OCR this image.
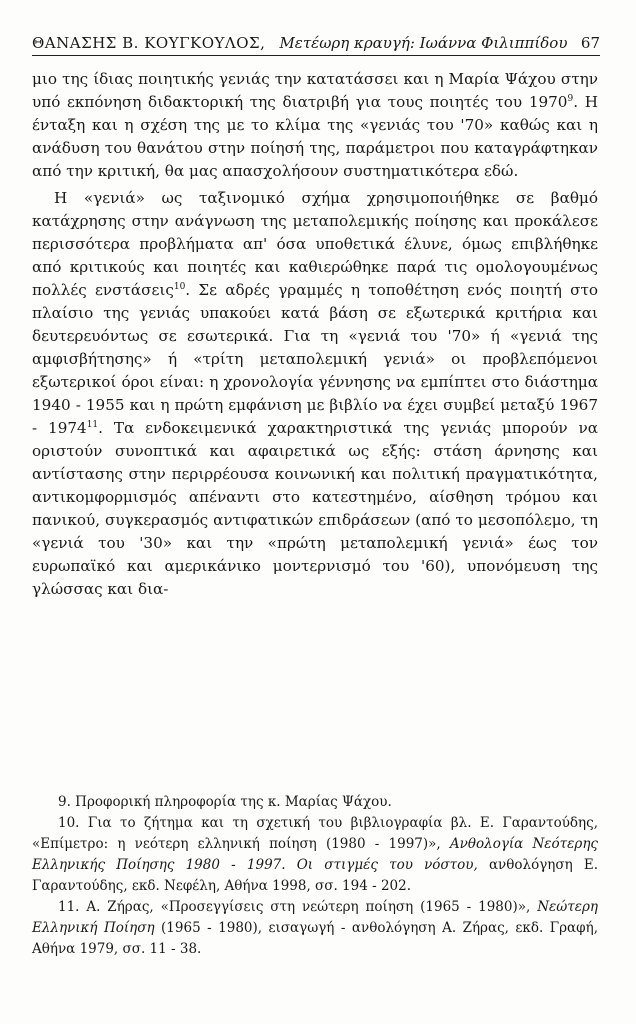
ΘΑΝΑΣΗΣ Β. ΚΟΥΓΚΟΥΛΟΣ, Μετέωρη κραυγή: Ιωάννα Φιλιππίδου 67

μιο της ίδιας ποιητικής γενιάς την κατατάσσει και η Μαρία Ψάχου στην υπό εκπόνηση διδακτορική της διατριβή για τους ποιητές του 1970$^9$. Η ένταξη και η σχέση της με το κλίμα της «γενιάς του '70» καθώς και η ανάδυση του θανάτου στην ποίησή της, παράμετροι που καταγράφτηκαν από την κριτική, θα μας απασχολήσουν συστηματικότερα εδώ.

Η «γενιά» ως ταξινομικό σχήμα χρησιμοποιήθηκε σε βαθμό κατάχρησης στην ανάγνωση της μεταπολεμικής ποίησης και προκάλεσε περισσότερα προβλήματα απ' όσα υποθετικά έλυνε, όμως επιβλήθηκε από κριτικούς και ποιητές και καθιερώθηκε παρά τις ομολογουμένως πολλές ενστάσεις$^{10}$. Σε αδρές γραμμές η τοποθέτηση ενός ποιητή στο πλαίσιο της γενιάς υπακούει κατά βάση σε εξωτερικά κριτήρια και δευτερευόντως σε εσωτερικά. Για τη «γενιά του '70» ή «γενιά της αμφισβήτησης» ή «τρίτη μεταπολεμική γενιά» οι προβλεπόμενοι εξωτερικοί όροι είναι: η χρονολογία γέννησης να εμπίπτει στο διάστημα 1940 - 1955 και η πρώτη εμφάνιση με βιβλίο να έχει συμβεί μεταξύ 1967 - 1974$^{11}$. Τα ενδοκειμενικά χαρακτηριστικά της γενιάς μπορούν να οριστούν συνοπτικά και αφαιρετικά ως εξής: στάση άρνησης και αντίστασης στην περιρρέουσα κοινωνική και πολιτική πραγματικότητα, αντικομφορμισμός απέναντι στο κατεστημένο, αίσθηση τρόμου και πανικού, συγκερασμός αντιφατικών επιδράσεων (από το μεσοπόλεμο, τη «γενιά του '30» και την «πρώτη μεταπολεμική γενιά» έως τον ευρωπαϊκό και αμερικάνικο μοντερνισμό του '60), υπονόμευση της γλώσσας και δια-

9. Προφορική πληροφορία της κ. Μαρίας Ψάχου.

10. Για το ζήτημα και τη σχετική του βιβλιογραφία βλ. Ε. Γαραντούδης, «Επίμετρο: η νεότερη ελληνική ποίηση (1980 - 1997)», Ανθολογία Νεότερης Ελληνικής Ποίησης 1980 - 1997. Οι στιγμές του νόστου, ανθολόγηση Ε. Γαραντούδης, εκδ. Νεφέλη, Αθήνα 1998, σσ. 194 - 202.

11. Α. Ζήρας, «Προσεγγίσεις στη νεώτερη ποίηση (1965 - 1980)», Νεώτερη Ελληνική Ποίηση (1965 - 1980), εισαγωγή - ανθολόγηση Α. Ζήρας, εκδ. Γραφή, Αθήνα 1979, σσ. 11 - 38.
